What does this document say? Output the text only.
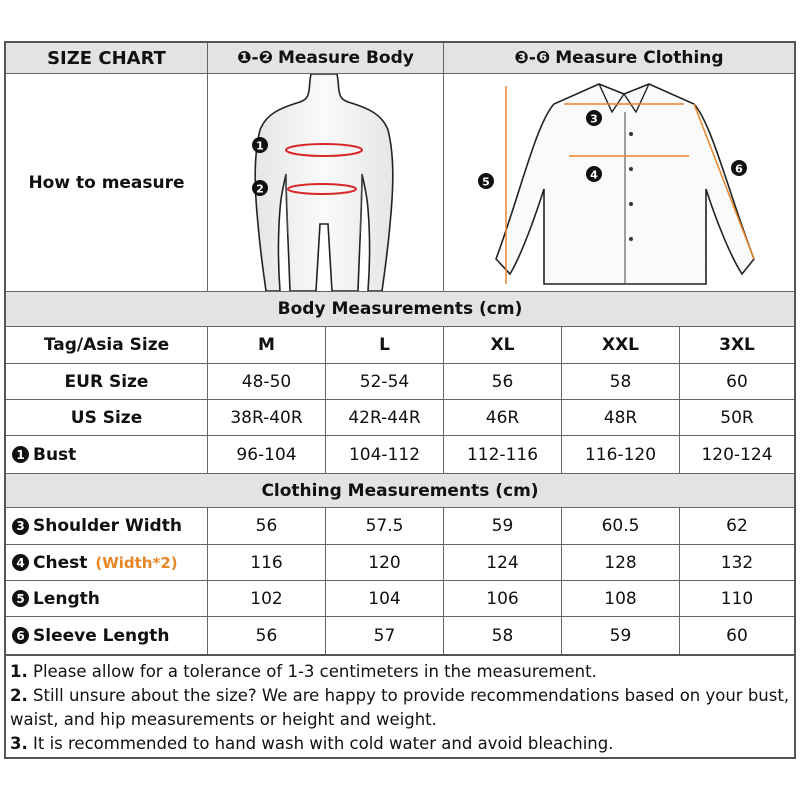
SIZE CHART	❶-❷ Measure Body	❸-❻ Measure Clothing
How to measure
1
2
3
4
5
6
Body Measurements (cm)
Tag/Asia Size	M	L	XL	XXL	3XL
EUR Size	48-50	52-54	56	58	60
US Size	38R-40R	42R-44R	46R	48R	50R
1 Bust	96-104	104-112	112-116	116-120	120-124
Clothing Measurements (cm)
3 Shoulder Width	56	57.5	59	60.5	62
4 Chest (Width*2)	116	120	124	128	132
5 Length	102	104	106	108	110
6 Sleeve Length	56	57	58	59	60
1. Please allow for a tolerance of 1-3 centimeters in the measurement.
2. Still unsure about the size? We are happy to provide recommendations based on your bust, waist, and hip measurements or height and weight.
3. It is recommended to hand wash with cold water and avoid bleaching.
